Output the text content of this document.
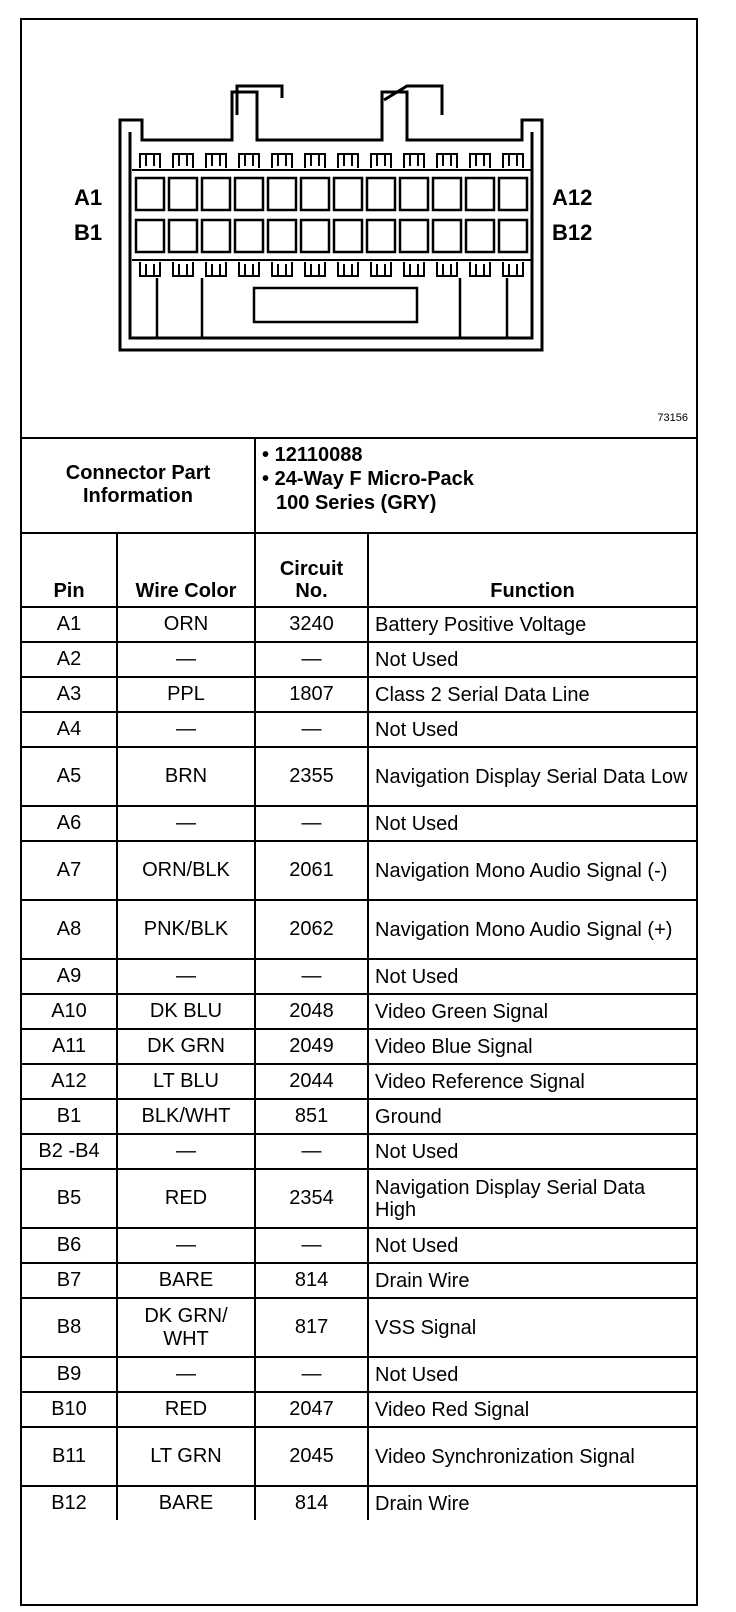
A1
B1
A12
B12
73156
Connector Part Information		• 12110088
• 24-Way F Micro-Pack
100 Series (GRY)	

Pin	Wire Color	Circuit No.	Function
A1	ORN	3240	Battery Positive Voltage
A2	—	—	Not Used
A3	PPL	1807	Class 2 Serial Data Line
A4	—	—	Not Used
A5	BRN	2355	Navigation Display Serial Data Low
A6	—	—	Not Used
A7	ORN/BLK	2061	Navigation Mono Audio Signal (-)
A8	PNK/BLK	2062	Navigation Mono Audio Signal (+)
A9	—	—	Not Used
A10	DK BLU	2048	Video Green Signal
A11	DK GRN	2049	Video Blue Signal
A12	LT BLU	2044	Video Reference Signal
B1	BLK/WHT	851	Ground
B2 -B4	—	—	Not Used
B5	RED	2354	Navigation Display Serial Data High
B6	—	—	Not Used
B7	BARE	814	Drain Wire
B8	DK GRN/ WHT	817	VSS Signal
B9	—	—	Not Used
B10	RED	2047	Video Red Signal
B11	LT GRN	2045	Video Synchronization Signal
B12	BARE	814	Drain Wire
